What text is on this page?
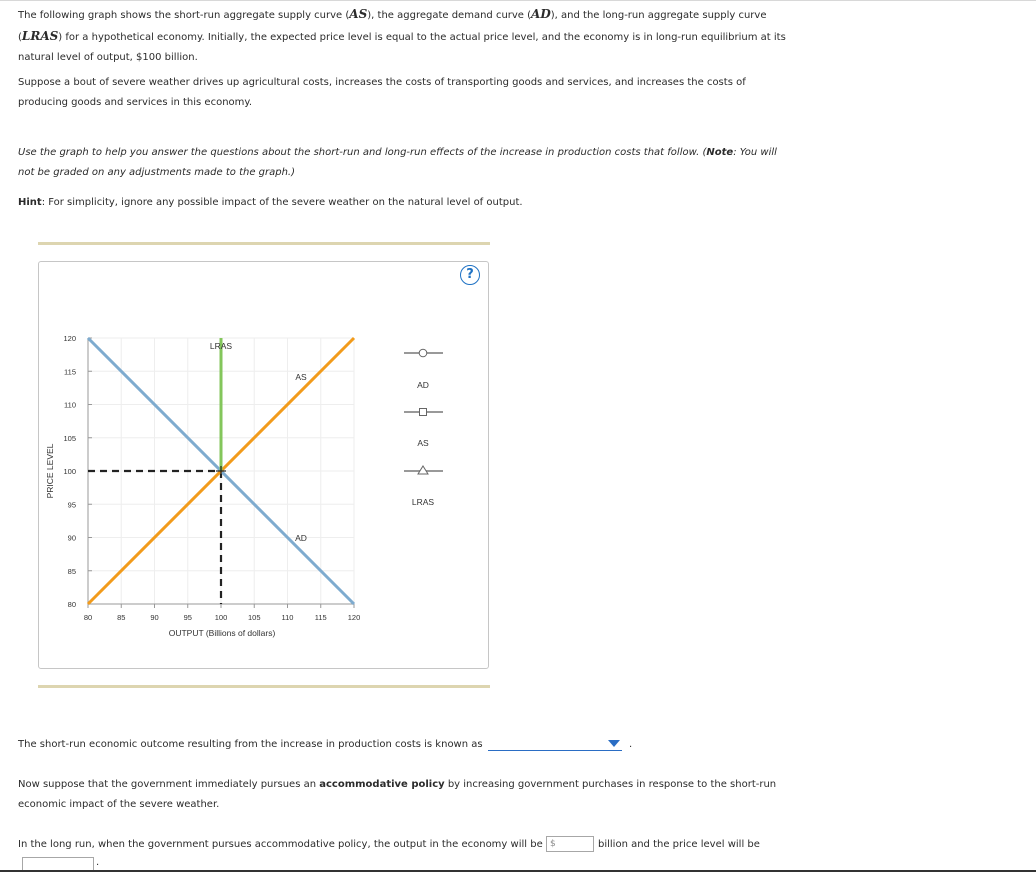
The following graph shows the short-run aggregate supply curve (AS), the aggregate demand curve (AD), and the long-run aggregate supply curve (LRAS) for a hypothetical economy. Initially, the expected price level is equal to the actual price level, and the economy is in long-run equilibrium at its natural level of output, $100 billion.

Suppose a bout of severe weather drives up agricultural costs, increases the costs of transporting goods and services, and increases the costs of producing goods and services in this economy.

Use the graph to help you answer the questions about the short-run and long-run effects of the increase in production costs that follow. (Note: You will not be graded on any adjustments made to the graph.)

Hint: For simplicity, ignore any possible impact of the severe weather on the natural level of output.

?
80	85	90	95	100	105	110	115	120
80
85
90
95
100
105
110
115
120
PRICE LEVEL
OUTPUT (Billions of dollars)
LRAS
AS
AD
AD
AS
LRAS

The short-run economic outcome resulting from the increase in production costs is known as	.

Now suppose that the government immediately pursues an accommodative policy by increasing government purchases in response to the short-run economic impact of the severe weather.

In the long run, when the government pursues accommodative policy, the output in the economy will be $	billion and the price level will be
.
